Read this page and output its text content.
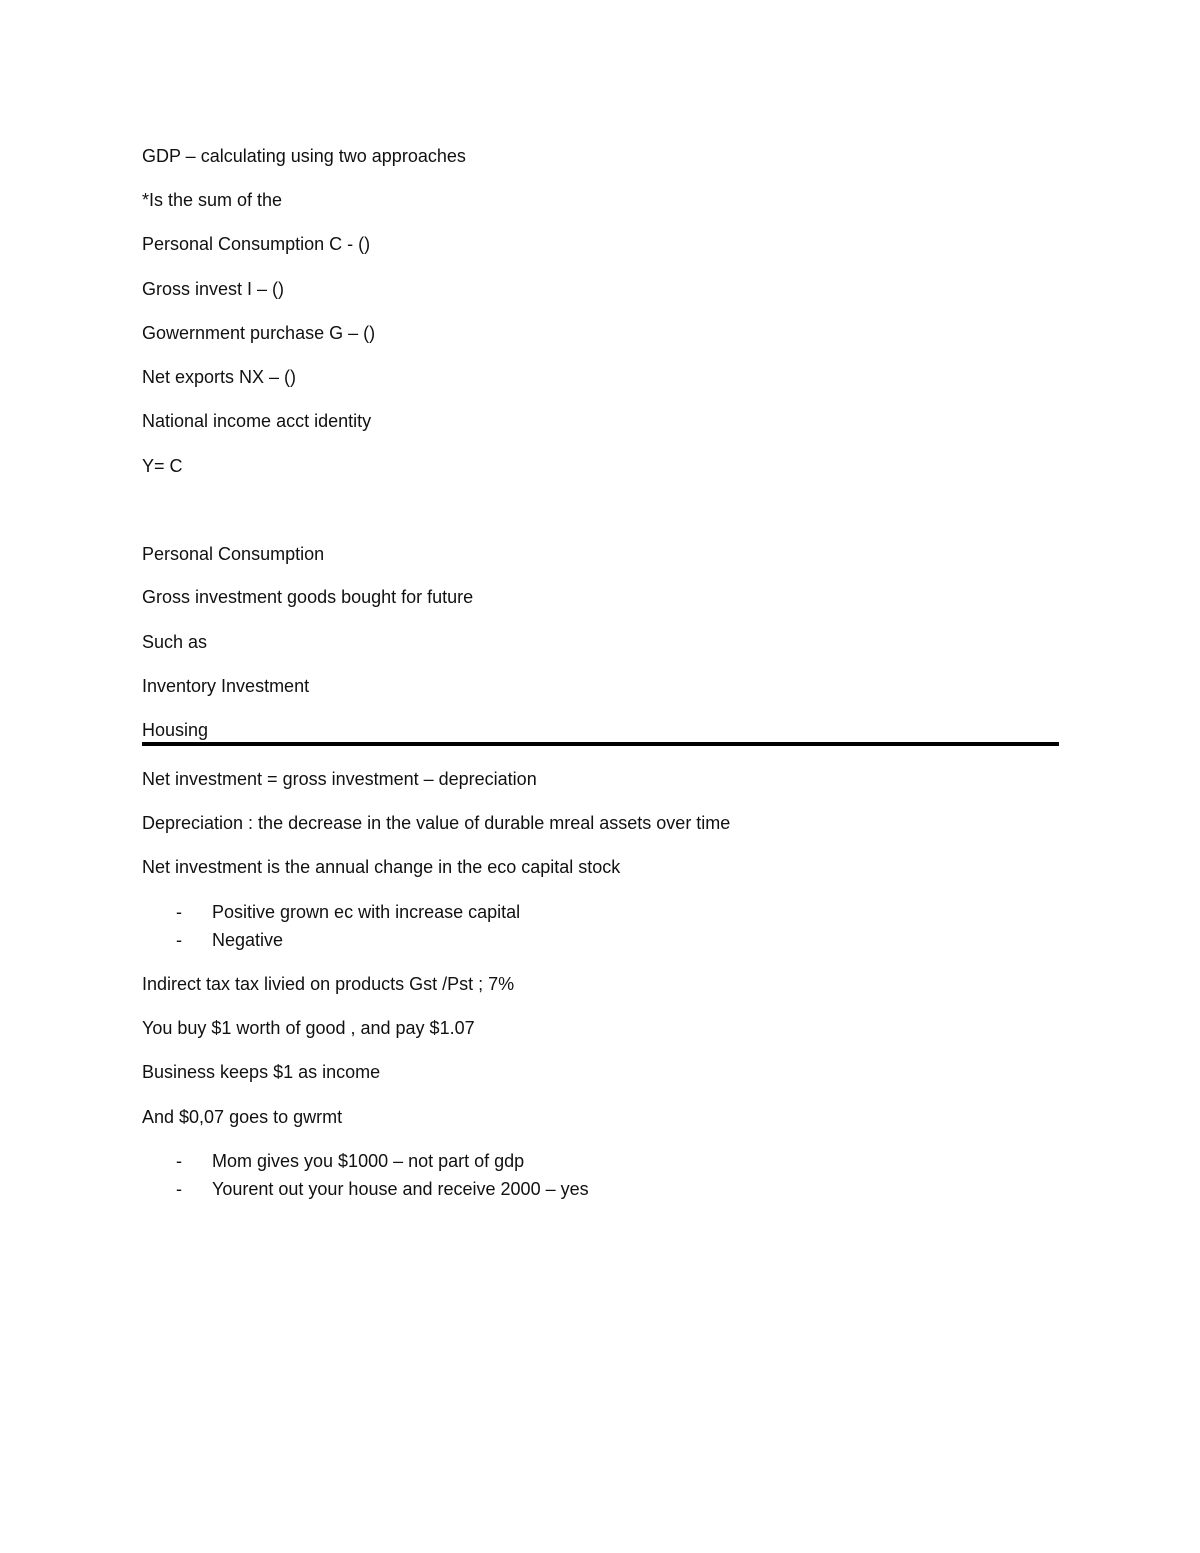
GDP – calculating using two approaches
*Is the sum of the
Personal Consumption C - ()
Gross invest I – ()
Gowernment purchase G – ()
Net exports NX – ()
National income acct identity
Y= C
Personal Consumption
Gross investment goods bought for future
Such as
Inventory Investment
Housing
Net investment = gross investment – depreciation
Depreciation : the decrease in the value of durable mreal assets over time
Net investment is the annual change in the eco capital stock
- Positive grown ec with increase capital
- Negative
Indirect tax tax livied on products Gst /Pst ; 7%
You buy $1 worth of good , and pay $1.07
Business keeps $1 as income
And $0,07 goes to gwrmt
- Mom gives you $1000 – not part of gdp
- Yourent out your house and receive 2000 – yes
